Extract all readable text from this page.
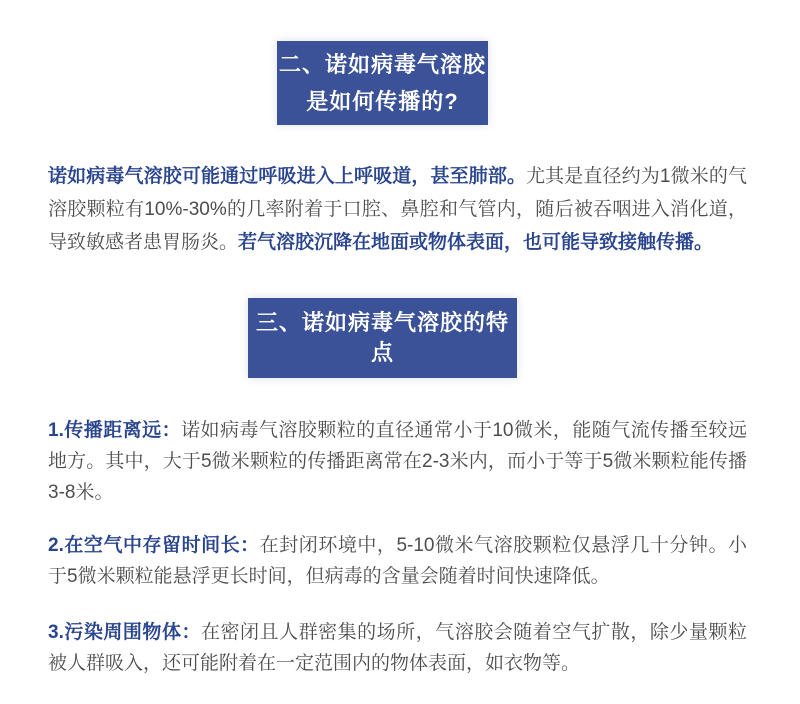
二、诺如病毒气溶胶
是如何传播的?

诺如病毒气溶胶可能通过呼吸进入上呼吸道，甚至肺部。尤其是直径约为1微米的气溶胶颗粒有10%-30%的几率附着于口腔、鼻腔和气管内，随后被吞咽进入消化道，导致敏感者患胃肠炎。若气溶胶沉降在地面或物体表面，也可能导致接触传播。

三、诺如病毒气溶胶的特点

1.传播距离远：诺如病毒气溶胶颗粒的直径通常小于10微米，能随气流传播至较远地方。其中，大于5微米颗粒的传播距离常在2-3米内，而小于等于5微米颗粒能传播3-8米。

2.在空气中存留时间长：在封闭环境中，5-10微米气溶胶颗粒仅悬浮几十分钟。小于5微米颗粒能悬浮更长时间，但病毒的含量会随着时间快速降低。

3.污染周围物体：在密闭且人群密集的场所，气溶胶会随着空气扩散，除少量颗粒被人群吸入，还可能附着在一定范围内的物体表面，如衣物等。
